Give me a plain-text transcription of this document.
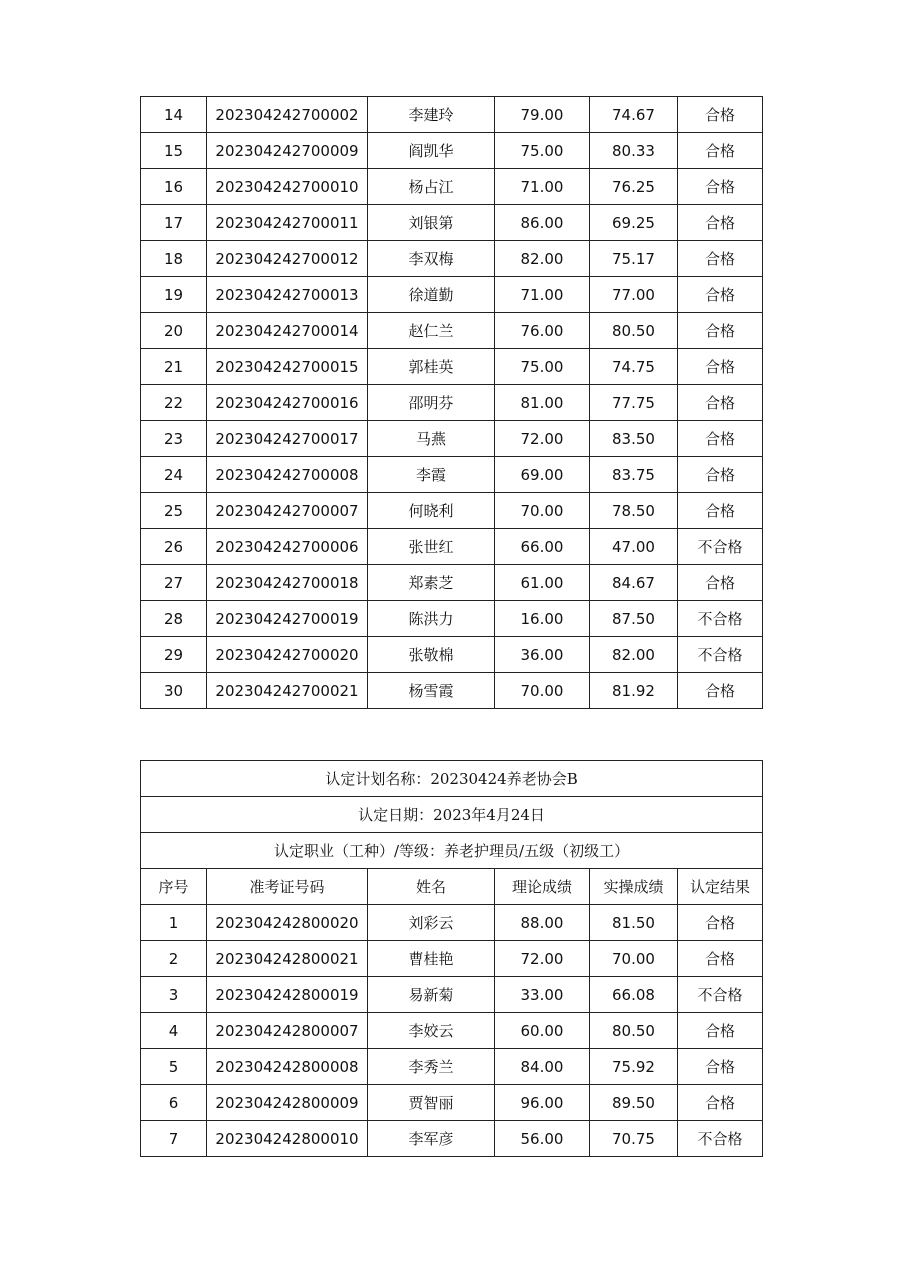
14	202304242700002	李建玲	79.00	74.67	合格
15	202304242700009	阎凯华	75.00	80.33	合格
16	202304242700010	杨占江	71.00	76.25	合格
17	202304242700011	刘银第	86.00	69.25	合格
18	202304242700012	李双梅	82.00	75.17	合格
19	202304242700013	徐道勤	71.00	77.00	合格
20	202304242700014	赵仁兰	76.00	80.50	合格
21	202304242700015	郭桂英	75.00	74.75	合格
22	202304242700016	邵明芬	81.00	77.75	合格
23	202304242700017	马燕	72.00	83.50	合格
24	202304242700008	李霞	69.00	83.75	合格
25	202304242700007	何晓利	70.00	78.50	合格
26	202304242700006	张世红	66.00	47.00	不合格
27	202304242700018	郑素芝	61.00	84.67	合格
28	202304242700019	陈洪力	16.00	87.50	不合格
29	202304242700020	张敬棉	36.00	82.00	不合格
30	202304242700021	杨雪霞	70.00	81.92	合格
认定计划名称：20230424养老协会B					
认定日期：2023年4月24日					
认定职业（工种）/等级：养老护理员/五级（初级工）					
序号	准考证号码	姓名	理论成绩	实操成绩	认定结果
1	202304242800020	刘彩云	88.00	81.50	合格
2	202304242800021	曹桂艳	72.00	70.00	合格
3	202304242800019	易新菊	33.00	66.08	不合格
4	202304242800007	李姣云	60.00	80.50	合格
5	202304242800008	李秀兰	84.00	75.92	合格
6	202304242800009	贾智丽	96.00	89.50	合格
7	202304242800010	李军彦	56.00	70.75	不合格
